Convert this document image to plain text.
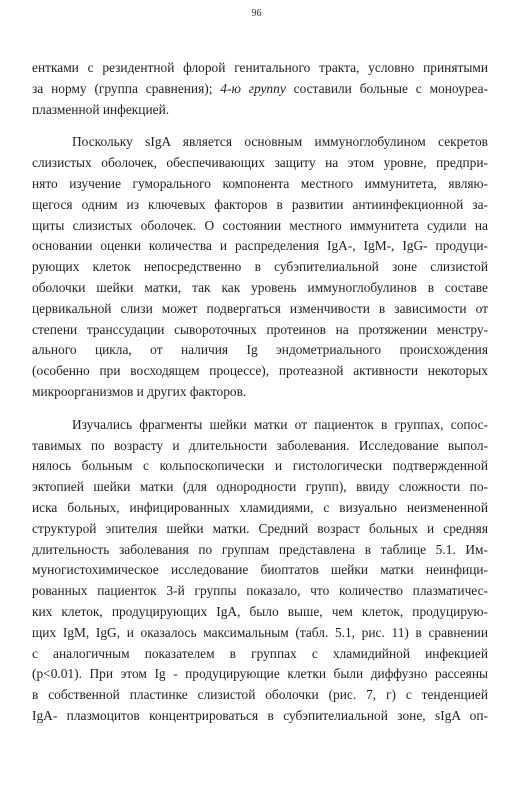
96
ентками с резидентной флорой генитального тракта, условно принятыми
за норму (группа сравнения); 4-ю группу составили больные с моноуреа-
плазменной инфекцией.
Поскольку sIgA является основным иммуноглобулином секретов
слизистых оболочек, обеспечивающих защиту на этом уровне, предпри-
нято изучение гуморального компонента местного иммунитета, являю-
щегося одним из ключевых факторов в развитии антиинфекционной за-
щиты слизистых оболочек. О состоянии местного иммунитета судили на
основании оценки количества и распределения IgA-, IgM-, IgG- продуци-
рующих клеток непосредственно в субэпителиальной зоне слизистой
оболочки шейки матки, так как уровень иммуноглобулинов в составе
цервикальной слизи может подвергаться изменчивости в зависимости от
степени транссудации сывороточных протеинов на протяжении менстру-
ального цикла, от наличия Ig эндометриального происхождения
(особенно при восходящем процессе), протеазной активности некоторых
микроорганизмов и других факторов.
Изучались фрагменты шейки матки от пациенток в группах, сопос-
тавимых по возрасту и длительности заболевания. Исследование выпол-
нялось больным с кольпоскопически и гистологически подтвержденной
эктопией шейки матки (для однородности групп), ввиду сложности по-
иска больных, инфицированных хламидиями, с визуально неизмененной
структурой эпителия шейки матки. Средний возраст больных и средняя
длительность заболевания по группам представлена в таблице 5.1. Им-
муногистохимическое исследование биоптатов шейки матки неинфици-
рованных пациенток 3-й группы показало, что количество плазматичес-
ких клеток, продуцирующих IgA, было выше, чем клеток, продуцирую-
щих IgM, IgG, и оказалось максимальным (табл. 5.1, рис. 11) в сравнении
с аналогичным показателем в группах с хламидийной инфекцией
(p<0.01). При этом Ig - продуцирующие клетки были диффузно рассеяны
в собственной пластинке слизистой оболочки (рис. 7, г) с тенденцией
IgA- плазмоцитов концентрироваться в субэпителиальной зоне, sIgA оп-
